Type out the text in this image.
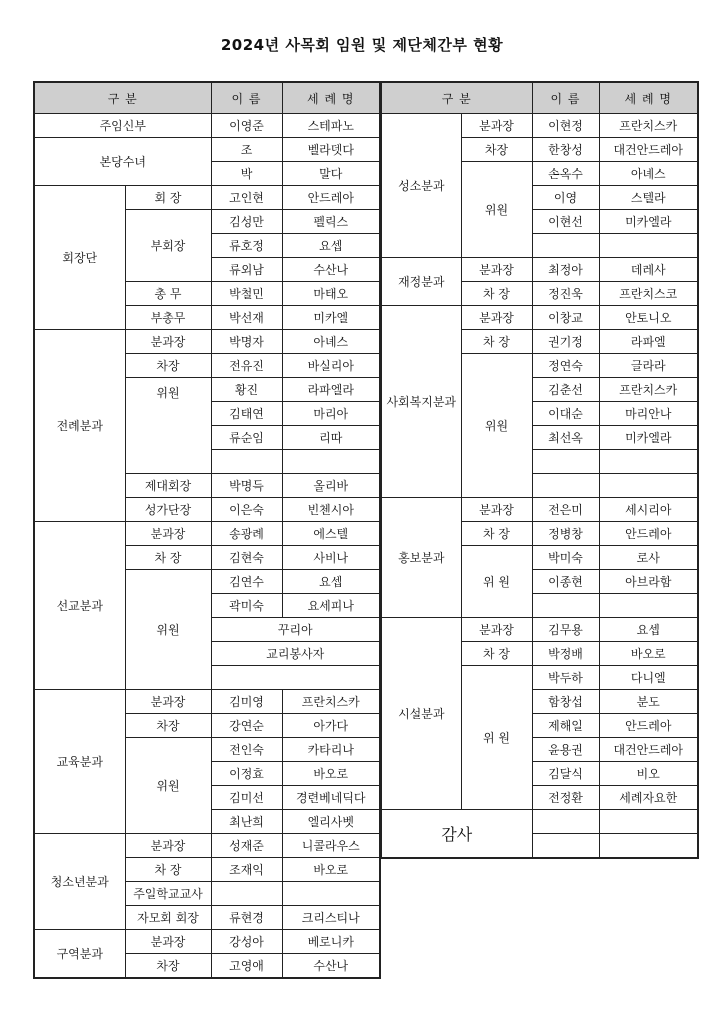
2024년 사목회 임원 및 제단체간부 현황
구 분		이 름	세 례 명
주임신부		이영준	스테파노
본당수녀		조	벨라뎃다
		박	말다
회장단	회 장	고인현	안드레아
	부회장	김성만	펠릭스
		류호정	요셉
		류외남	수산나
	총 무	박철민	마태오
	부총무	박선재	미카엘
전례분과	분과장	박명자	아녜스
	차장	전유진	바실리아
	위원	황진	라파엘라
		김태연	마리아
		류순임	리따

	제대회장	박명득	올리바
	성가단장	이은숙	빈첸시아
선교분과	분과장	송광례	에스텔
	차 장	김현숙	사비나
	위원	김연수	요셉
		곽미숙	요세피나
		꾸리아	
		교리봉사자	

교육분과	분과장	김미영	프란치스카
	차장	강연순	아가다
	위원	전인숙	카타리나
		이정효	바오로
		김미선	경련베네딕다
		최난희	엘리사벳
청소년분과	분과장	성재준	니콜라우스
	차 장	조재익	바오로
	주일학교교사		
	자모회 회장	류현경	크리스티나
구역분과	분과장	강성아	베로니카
	차장	고영애	수산나
구 분		이 름	세 례 명
성소분과	분과장	이현정	프란치스카
	차장	한창성	대건안드레아
	위원	손옥수	아녜스
		이영	스텔라
		이현선	미카엘라

재정분과	분과장	최정아	데레사
	차 장	정진욱	프란치스코
사회복지분과	분과장	이창교	안토니오
	차 장	권기정	라파엘
	위원	정연숙	글라라
		김춘선	프란치스카
		이대순	마리안나
		최선옥	미카엘라

홍보분과	분과장	전은미	세시리아
	차 장	정병창	안드레아
	위 원	박미숙	로사
		이종현	아브라함

시설분과	분과장	김무용	요셉
	차 장	박정배	바오로
	위 원	박두하	다니엘
		함창섭	분도
		제해일	안드레아
		윤용권	대건안드레아
		김달식	비오
		전정환	세례자요한
감사			
